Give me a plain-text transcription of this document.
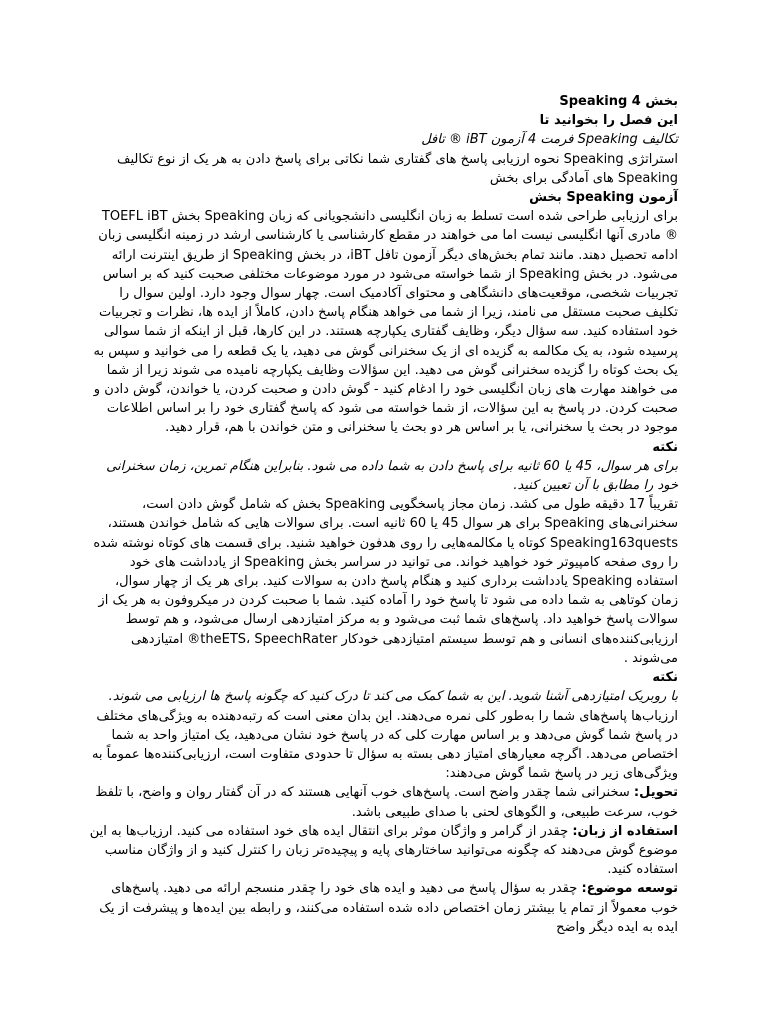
بخش 4 Speaking

این فصل را بخوانید تا

تکالیف Speaking فرمت 4 آزمون iBT ® تافل

استراتژی Speaking نحوه ارزیابی پاسخ های گفتاری شما نکاتی برای پاسخ دادن به هر یک از نوع تکالیف Speaking های آمادگی برای بخش

آزمون Speaking بخش

برای ارزیابی طراحی شده است تسلط به زبان انگلیسی دانشجویانی که زبان Speaking بخش TOEFL iBT ® مادری آنها انگلیسی نیست اما می خواهند در مقطع کارشناسی یا کارشناسی ارشد در زمینه انگلیسی زبان ادامه تحصیل دهند. مانند تمام بخش‌های دیگر آزمون تافل iBT، در بخش Speaking از طریق اینترنت ارائه می‌شود. در بخش Speaking از شما خواسته می‌شود در مورد موضوعات مختلفی صحبت کنید که بر اساس تجربیات شخصی، موقعیت‌های دانشگاهی و محتوای آکادمیک است. چهار سوال وجود دارد. اولین سوال را تکلیف صحبت مستقل می نامند، زیرا از شما می خواهد هنگام پاسخ دادن، کاملاً از ایده ها، نظرات و تجربیات خود استفاده کنید. سه سؤال دیگر، وظایف گفتاری یکپارچه هستند. در این کارها، قبل از اینکه از شما سوالی پرسیده شود، به یک مکالمه به گزیده ای از یک سخنرانی گوش می دهید، یا یک قطعه را می خوانید و سپس به یک بحث کوتاه را گزیده سخنرانی گوش می دهید. این سؤالات وظایف یکپارچه نامیده می شوند زیرا از شما می خواهند مهارت های زبان انگلیسی خود را ادغام کنید - گوش دادن و صحبت کردن، یا خواندن، گوش دادن و صحبت کردن. در پاسخ به این سؤالات، از شما خواسته می شود که پاسخ گفتاری خود را بر اساس اطلاعات موجود در بحث یا سخنرانی، یا بر اساس هر دو بحث یا سخنرانی و متن خواندن با هم، قرار دهید.

نکته

برای هر سوال، 45 یا 60 ثانیه برای پاسخ دادن به شما داده می شود. بنابراین هنگام تمرین، زمان سخنرانی خود را مطابق با آن تعیین کنید.

تقریباً 17 دقیقه طول می کشد. زمان مجاز پاسخگویی Speaking بخش که شامل گوش دادن است، سخنرانی‌های Speaking برای هر سوال 45 یا 60 ثانیه است. برای سوالات هایی که شامل خواندن هستند، Speaking163quests کوتاه یا مکالمه‌هایی را روی هدفون خواهید شنید. برای قسمت های کوتاه نوشته شده را روی صفحه کامپیوتر خود خواهید خواند. می توانید در سراسر بخش Speaking از یادداشت های خود استفاده Speaking یادداشت برداری کنید و هنگام پاسخ دادن به سوالات کنید. برای هر یک از چهار سوال، زمان کوتاهی به شما داده می شود تا پاسخ خود را آماده کنید. شما با صحبت کردن در میکروفون به هر یک از سوالات پاسخ خواهید داد. پاسخ‌های شما ثبت می‌شود و به مرکز امتیازدهی ارسال می‌شود، و هم توسط ارزیابی‌کننده‌های انسانی و هم توسط سیستم امتیازدهی خودکار theETS، SpeechRater® امتیازدهی می‌شوند .

نکته

با روبریک امتیازدهی آشنا شوید. این به شما کمک می کند تا درک کنید که چگونه پاسخ ها ارزیابی می شوند.

ارزیاب‌ها پاسخ‌های شما را به‌طور کلی نمره می‌دهند. این بدان معنی است که رتبه‌دهنده به ویژگی‌های مختلف در پاسخ شما گوش می‌دهد و بر اساس مهارت کلی که در پاسخ خود نشان می‌دهید، یک امتیاز واحد به شما اختصاص می‌دهد. اگرچه معیارهای امتیاز دهی بسته به سؤال تا حدودی متفاوت است، ارزیابی‌کننده‌ها عموماً به ویژگی‌های زیر در پاسخ شما گوش می‌دهند:

تحویل: سخنرانی شما چقدر واضح است. پاسخ‌های خوب آنهایی هستند که در آن گفتار روان و واضح، با تلفظ خوب، سرعت طبیعی، و الگوهای لحنی با صدای طبیعی باشد.

استفاده از زبان: چقدر از گرامر و واژگان موثر برای انتقال ایده های خود استفاده می کنید. ارزیاب‌ها به این موضوع گوش می‌دهند که چگونه می‌توانید ساختارهای پایه و پیچیده‌تر زبان را کنترل کنید و از واژگان مناسب استفاده کنید.

توسعه موضوع: چقدر به سؤال پاسخ می دهید و ایده های خود را چقدر منسجم ارائه می دهید. پاسخ‌های خوب معمولاً از تمام یا بیشتر زمان اختصاص داده شده استفاده می‌کنند، و رابطه بین ایده‌ها و پیشرفت از یک ایده به ایده دیگر واضح
